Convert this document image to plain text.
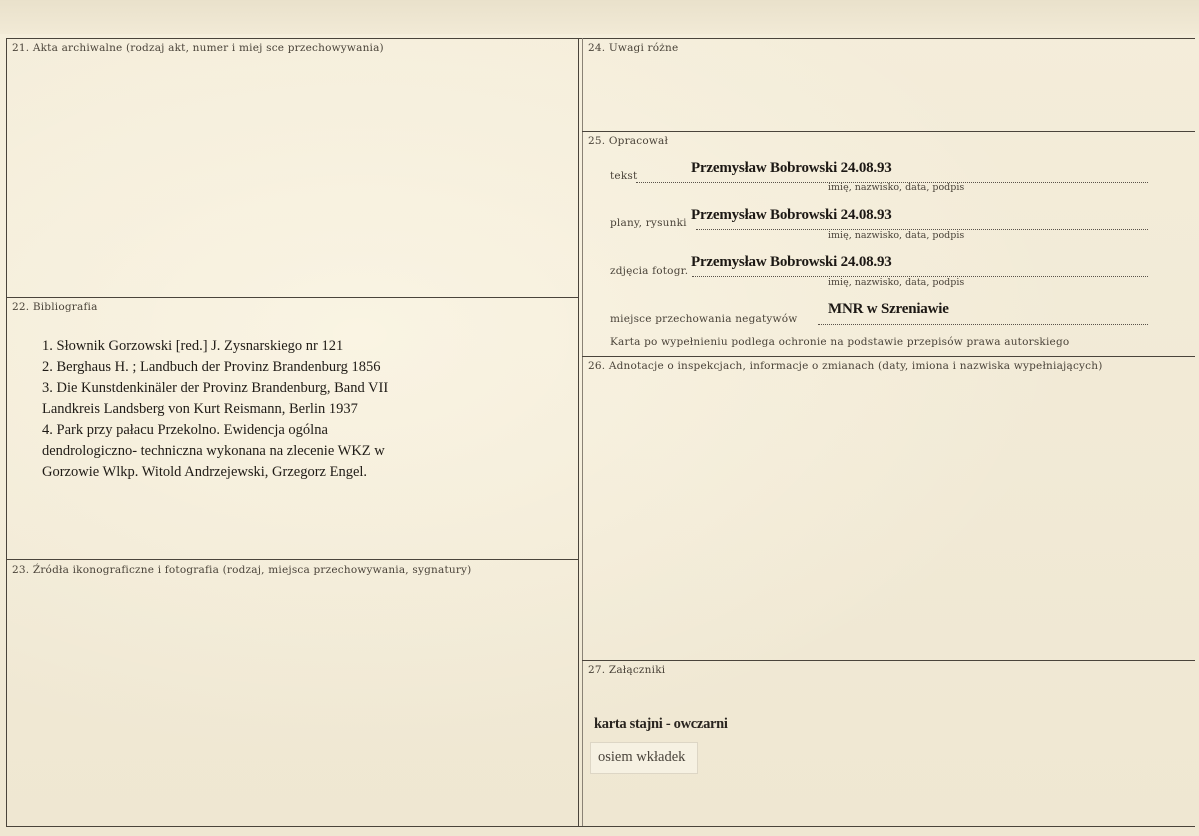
21. Akta archiwalne (rodzaj akt, numer i miej sce przechowywania)
22. Bibliografia
1. Słownik Gorzowski [red.] J. Zysnarskiego nr 121
2. Berghaus H. ; Landbuch der Provinz Brandenburg 1856
3. Die Kunstdenkinäler der Provinz Brandenburg, Band VII
Landkreis Landsberg von Kurt Reismann, Berlin 1937
4. Park przy pałacu Przekolno. Ewidencja ogólna
dendrologiczno- techniczna wykonana na zlecenie WKZ w
Gorzowie Wlkp. Witold Andrzejewski, Grzegorz Engel.
23. Źródła ikonograficzne i fotografia (rodzaj, miejsca przechowywania, sygnatury)
24. Uwagi różne
25. Opracował
tekst	Przemysław Bobrowski 24.08.93
imię, nazwisko, data, podpis
plany, rysunki Przemysław Bobrowski 24.08.93
imię, nazwisko, data, podpis
zdjęcia fotogr.
Przemysław Bobrowski 24.08.93
imię, nazwisko, data, podpis
miejsce przechowania negatywów
MNR w Szreniawie
Karta po wypełnieniu podlega ochronie na podstawie przepisów prawa autorskiego
26. Adnotacje o inspekcjach, informacje o zmianach (daty, imiona i nazwiska wypełniających)
27. Załączniki
karta stajni - owczarni
osiem wkładek
